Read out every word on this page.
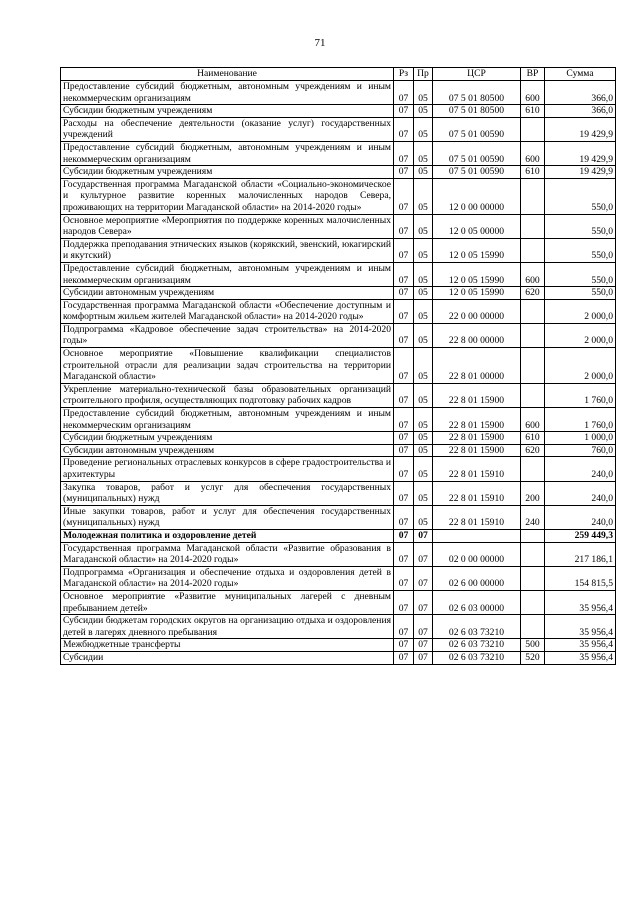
71
Наименование	Рз	Пр	ЦСР	ВР	Сумма
Предоставление субсидий бюджетным, автономным учреждениям и иным некоммерческим организациям	07	05	07 5 01 80500	600	366,0
Субсидии бюджетным учреждениям	07	05	07 5 01 80500	610	366,0
Расходы на обеспечение деятельности (оказание услуг) государственных учреждений	07	05	07 5 01 00590		19 429,9
Предоставление субсидий бюджетным, автономным учреждениям и иным некоммерческим организациям	07	05	07 5 01 00590	600	19 429,9
Субсидии бюджетным учреждениям	07	05	07 5 01 00590	610	19 429,9
Государственная программа Магаданской области «Социально-экономическое и культурное развитие коренных малочисленных народов Севера, проживающих на территории Магаданской области» на 2014-2020 годы»	07	05	12 0 00 00000		550,0
Основное мероприятие «Мероприятия по поддержке коренных малочисленных народов Севера»	07	05	12 0 05 00000		550,0
Поддержка преподавания этнических языков (корякский, эвенский, юкагирский и якутский)	07	05	12 0 05 15990		550,0
Предоставление субсидий бюджетным, автономным учреждениям и иным некоммерческим организациям	07	05	12 0 05 15990	600	550,0
Субсидии автономным учреждениям	07	05	12 0 05 15990	620	550,0
Государственная программа Магаданской области «Обеспечение доступным и комфортным жильем жителей Магаданской области» на 2014-2020 годы»	07	05	22 0 00 00000		2 000,0
Подпрограмма «Кадровое обеспечение задач строительства» на 2014-2020 годы»	07	05	22 8 00 00000		2 000,0
Основное мероприятие «Повышение квалификации специалистов строительной отрасли для реализации задач строительства на территории Магаданской области»	07	05	22 8 01 00000		2 000,0
Укрепление материально-технической базы образовательных организаций строительного профиля, осуществляющих подготовку рабочих кадров	07	05	22 8 01 15900		1 760,0
Предоставление субсидий бюджетным, автономным учреждениям и иным некоммерческим организациям	07	05	22 8 01 15900	600	1 760,0
Субсидии бюджетным учреждениям	07	05	22 8 01 15900	610	1 000,0
Субсидии автономным учреждениям	07	05	22 8 01 15900	620	760,0
Проведение региональных отраслевых конкурсов в сфере градостроительства и архитектуры	07	05	22 8 01 15910		240,0
Закупка товаров, работ и услуг для обеспечения государственных (муниципальных) нужд	07	05	22 8 01 15910	200	240,0
Иные закупки товаров, работ и услуг для обеспечения государственных (муниципальных) нужд	07	05	22 8 01 15910	240	240,0
Молодежная политика и оздоровление детей	07	07			259 449,3
Государственная программа Магаданской области «Развитие образования в Магаданской области» на 2014-2020 годы»	07	07	02 0 00 00000		217 186,1
Подпрограмма «Организация и обеспечение отдыха и оздоровления детей в Магаданской области» на 2014-2020 годы»	07	07	02 6 00 00000		154 815,5
Основное мероприятие «Развитие муниципальных лагерей с дневным пребыванием детей»	07	07	02 6 03 00000		35 956,4
Субсидии бюджетам городских округов на организацию отдыха и оздоровления детей в лагерях дневного пребывания	07	07	02 6 03 73210		35 956,4
Межбюджетные трансферты	07	07	02 6 03 73210	500	35 956,4
Субсидии	07	07	02 6 03 73210	520	35 956,4
